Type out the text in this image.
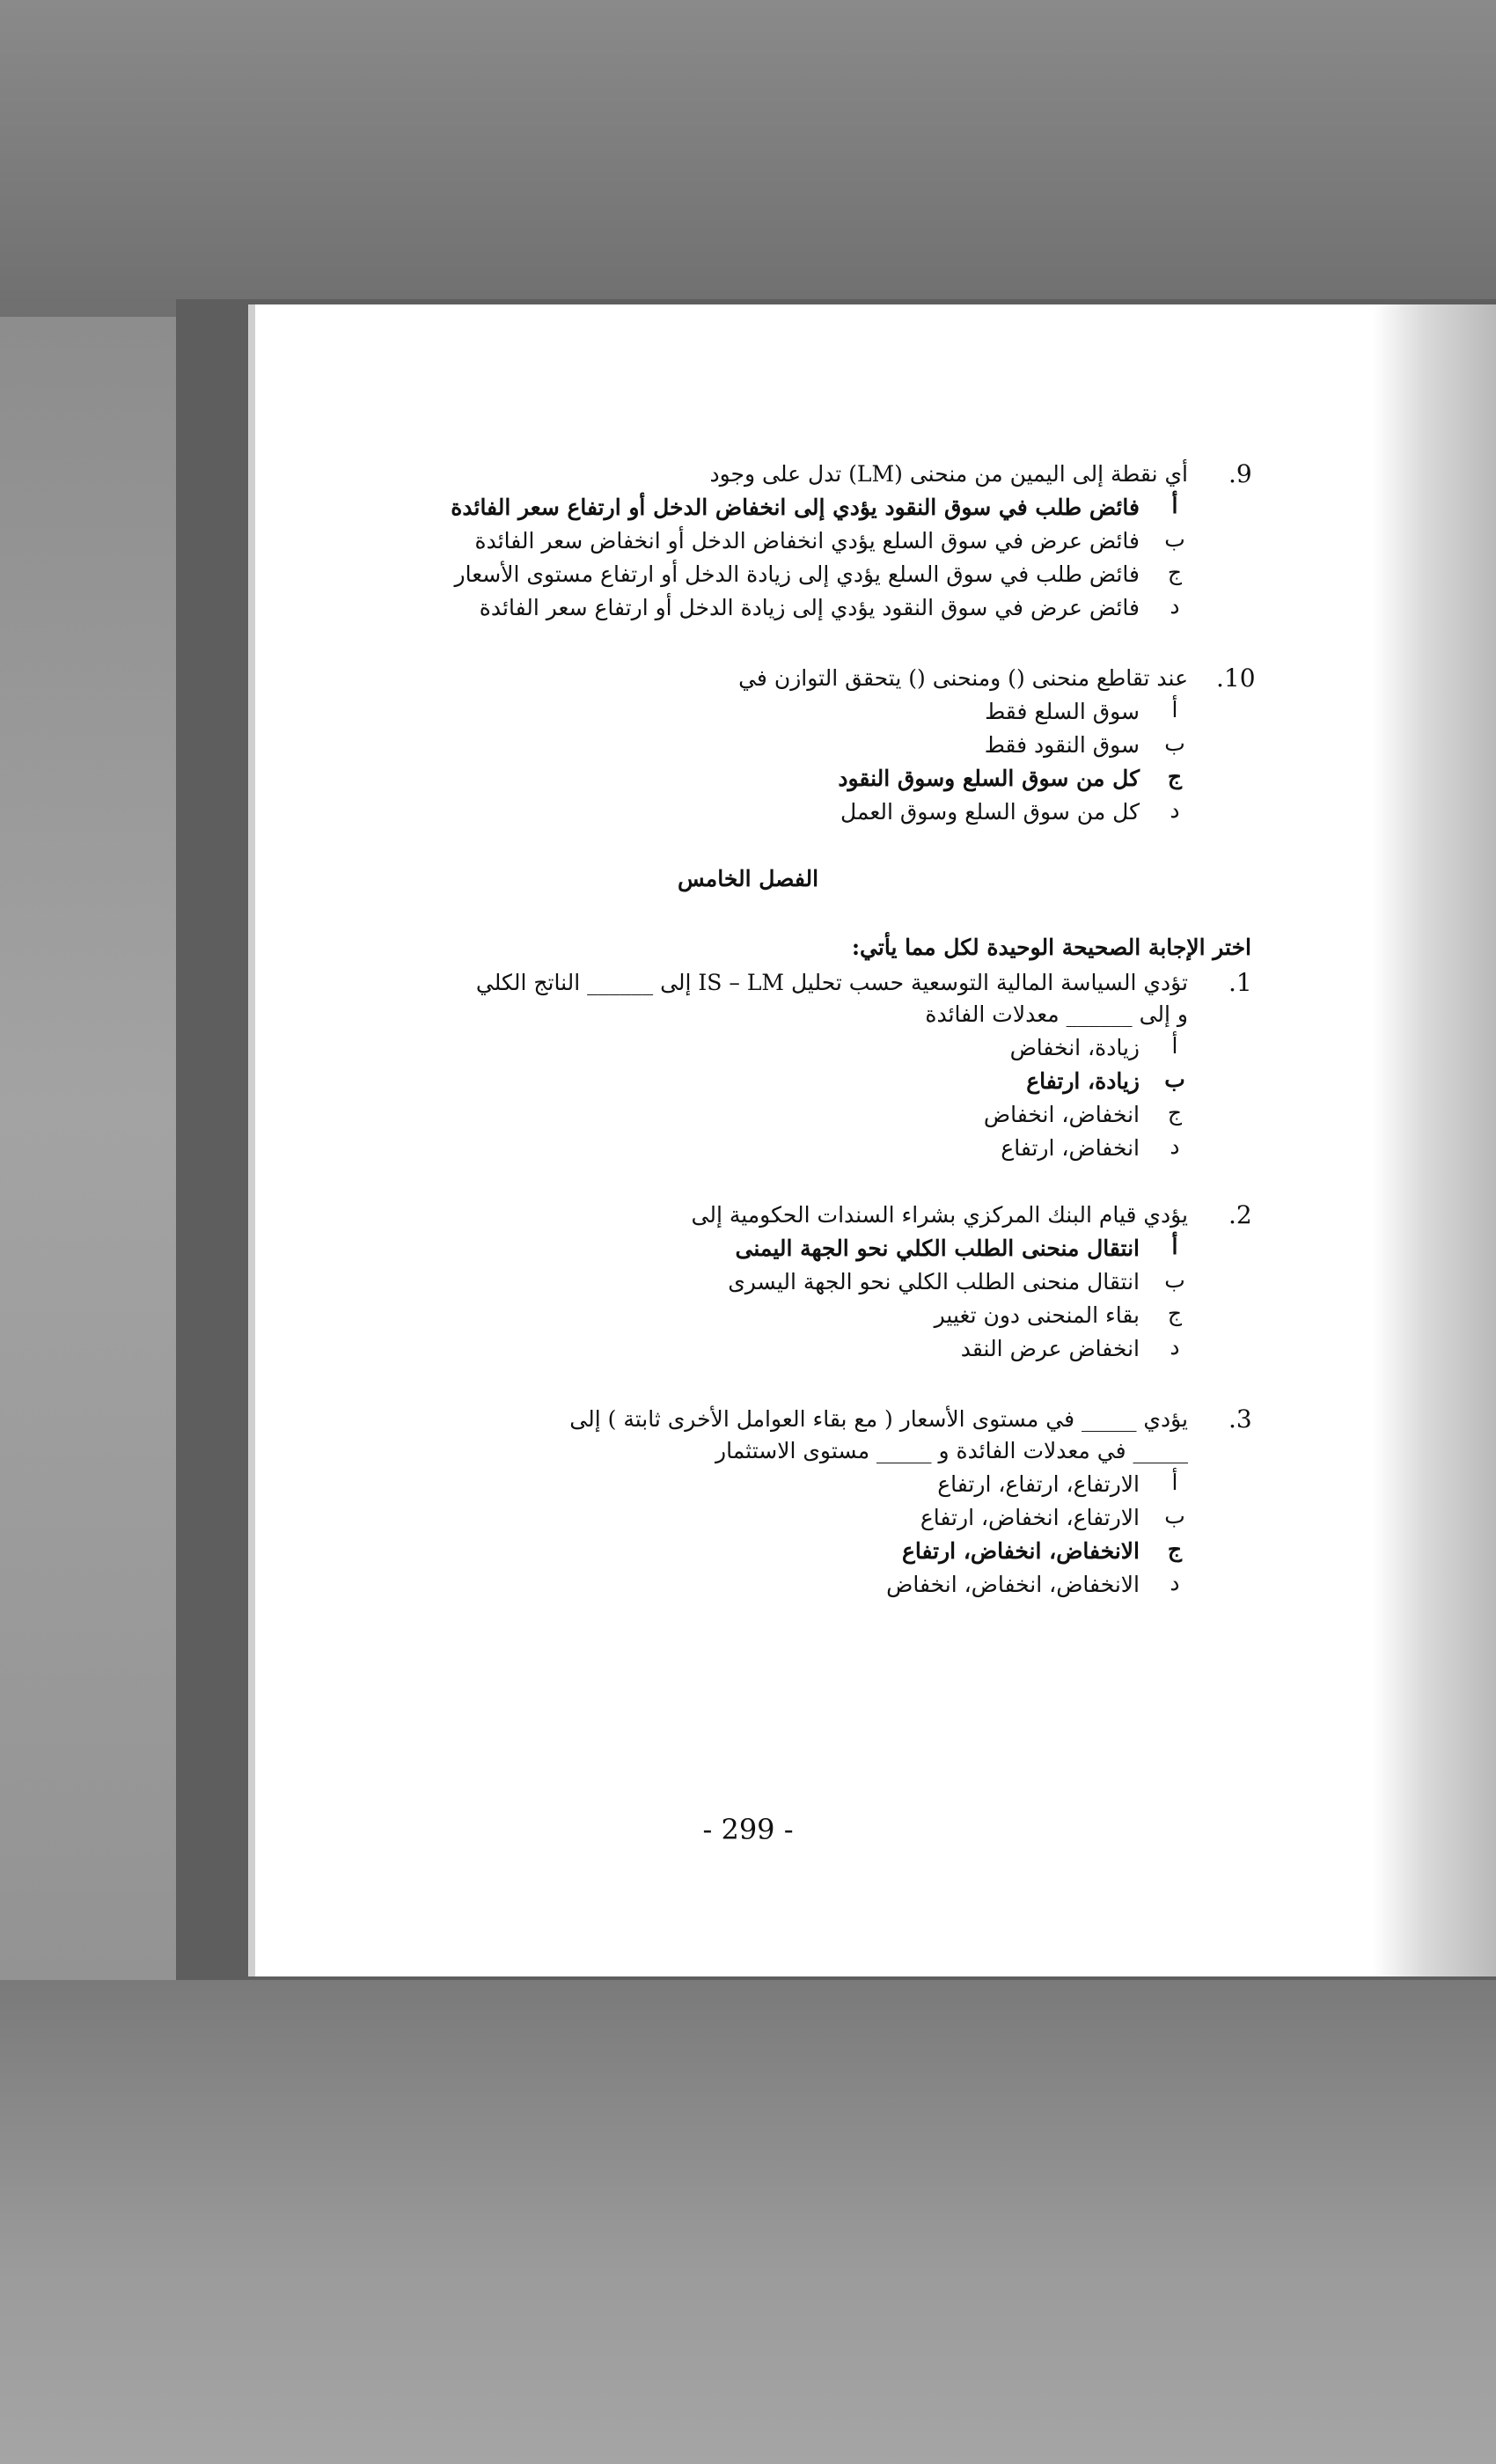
.9
أي نقطة إلى اليمين من منحنى (LM) تدل على وجود
أ
فائض طلب في سوق النقود يؤدي إلى انخفاض الدخل أو ارتفاع سعر الفائدة
ب
فائض عرض في سوق السلع يؤدي انخفاض الدخل أو انخفاض سعر الفائدة
ج
فائض طلب في سوق السلع يؤدي إلى زيادة الدخل أو ارتفاع مستوى الأسعار
د
فائض عرض في سوق النقود يؤدي إلى زيادة الدخل أو ارتفاع سعر الفائدة
.10
عند تقاطع منحنى () ومنحنى () يتحقق التوازن في
أ
سوق السلع فقط
ب
سوق النقود فقط
ج
كل من سوق السلع وسوق النقود
د
كل من سوق السلع وسوق العمل
الفصل الخامس
اختر الإجابة الصحيحة الوحيدة لكل مما يأتي:
.1
تؤدي السياسة المالية التوسعية حسب تحليل IS – LM إلى ______ الناتج الكلي
و إلى ______ معدلات الفائدة
أ
زيادة، انخفاض
ب
زيادة، ارتفاع
ج
انخفاض، انخفاض
د
انخفاض، ارتفاع
.2
يؤدي قيام البنك المركزي بشراء السندات الحكومية إلى
أ
انتقال منحنى الطلب الكلي نحو الجهة اليمنى
ب
انتقال منحنى الطلب الكلي نحو الجهة اليسرى
ج
بقاء المنحنى دون تغيير
د
انخفاض عرض النقد
.3
يؤدي _____ في مستوى الأسعار ( مع بقاء العوامل الأخرى ثابتة ) إلى
_____ في معدلات الفائدة و _____ مستوى الاستثمار
أ
الارتفاع، ارتفاع، ارتفاع
ب
الارتفاع، انخفاض، ارتفاع
ج
الانخفاض، انخفاض، ارتفاع
د
الانخفاض، انخفاض، انخفاض
- 299 -
